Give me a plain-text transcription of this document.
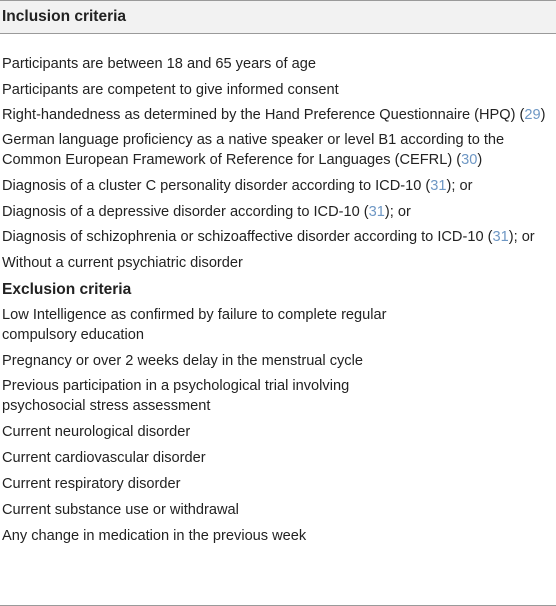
Inclusion criteria
Participants are between 18 and 65 years of age
Participants are competent to give informed consent
Right-handedness as determined by the Hand Preference Questionnaire (HPQ) (29)
German language proficiency as a native speaker or level B1 according to the Common European Framework of Reference for Languages (CEFRL) (30)
Diagnosis of a cluster C personality disorder according to ICD-10 (31); or
Diagnosis of a depressive disorder according to ICD-10 (31); or
Diagnosis of schizophrenia or schizoaffective disorder according to ICD-10 (31); or
Without a current psychiatric disorder
Exclusion criteria
Low Intelligence as confirmed by failure to complete regular compulsory education
Pregnancy or over 2 weeks delay in the menstrual cycle
Previous participation in a psychological trial involving psychosocial stress assessment
Current neurological disorder
Current cardiovascular disorder
Current respiratory disorder
Current substance use or withdrawal
Any change in medication in the previous week
